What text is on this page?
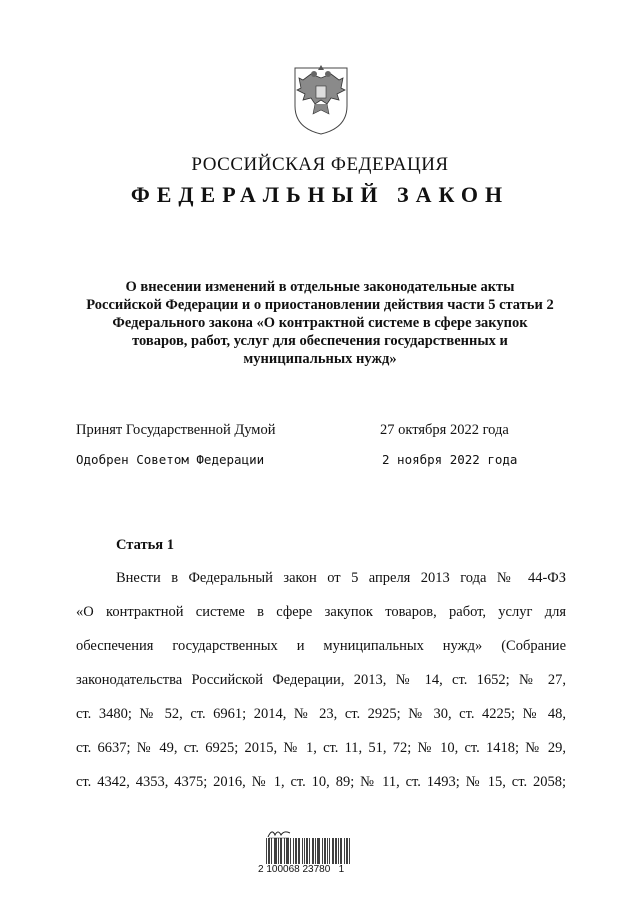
РОССИЙСКАЯ ФЕДЕРАЦИЯ
ФЕДЕРАЛЬНЫЙ ЗАКОН
О внесении изменений в отдельные законодательные акты
Российской Федерации и о приостановлении действия части 5 статьи 2
Федерального закона «О контрактной системе в сфере закупок
товаров, работ, услуг для обеспечения государственных и
муниципальных нужд»
Принят Государственной Думой	27 октября 2022 года
Одобрен Советом Федерации	2 ноября 2022 года
Статья 1
Внести в Федеральный закон от 5 апреля 2013 года № 44-ФЗ
«О контрактной системе в сфере закупок товаров, работ, услуг для
обеспечения государственных и муниципальных нужд» (Собрание
законодательства Российской Федерации, 2013, № 14, ст. 1652; № 27,
ст. 3480; № 52, ст. 6961; 2014, № 23, ст. 2925; № 30, ст. 4225; № 48,
ст. 6637; № 49, ст. 6925; 2015, № 1, ст. 11, 51, 72; № 10, ст. 1418; № 29,
ст. 4342, 4353, 4375; 2016, № 1, ст. 10, 89; № 11, ст. 1493; № 15, ст. 2058;
2 100068 23780   1
